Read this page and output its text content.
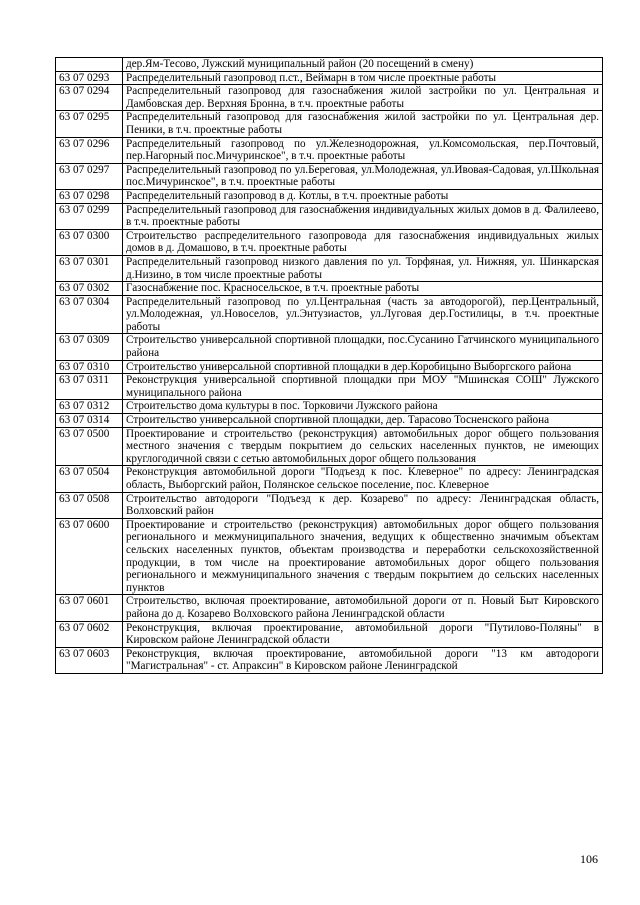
	дер.Ям-Тесово, Лужский муниципальный район (20 посещений в смену)
63 07 0293	Распределительный газопровод п.ст., Веймарн в том числе проектные работы
63 07 0294	Распределительный газопровод для газоснабжения жилой застройки по ул. Центральная и Дамбовская дер. Верхняя Бронна, в т.ч. проектные работы
63 07 0295	Распределительный газопровод для газоснабжения жилой застройки по ул. Центральная дер. Пеники, в т.ч. проектные работы
63 07 0296	Распределительный газопровод по ул.Железнодорожная, ул.Комсомольская, пер.Почтовый, пер.Нагорный пос.Мичуринское", в т.ч. проектные работы
63 07 0297	Распределительный газопровод по ул.Береговая, ул.Молодежная, ул.Ивовая-Садовая, ул.Школьная пос.Мичуринское", в т.ч. проектные работы
63 07 0298	Распределительный газопровод в д. Котлы, в т.ч. проектные работы
63 07 0299	Распределительный газопровод для газоснабжения индивидуальных жилых домов в д. Фалилеево, в т.ч. проектные работы
63 07 0300	Строительство распределительного газопровода для газоснабжения индивидуальных жилых домов в д. Домашово, в т.ч. проектные работы
63 07 0301	Распределительный газопровод низкого давления по ул. Торфяная, ул. Нижняя, ул. Шинкарская д.Низино, в том числе проектные работы
63 07 0302	Газоснабжение пос. Красносельское, в т.ч. проектные работы
63 07 0304	Распределительный газопровод по ул.Центральная (часть за автодорогой), пер.Центральный, ул.Молодежная, ул.Новоселов, ул.Энтузиастов, ул.Луговая дер.Гостилицы, в т.ч. проектные работы
63 07 0309	Строительство универсальной спортивной площадки, пос.Сусанино Гатчинского муниципального района
63 07 0310	Строительство универсальной спортивной площадки в дер.Коробицыно Выборгского района
63 07 0311	Реконструкция универсальной спортивной площадки при МОУ "Мшинская СОШ" Лужского муниципального района
63 07 0312	Строительство дома культуры в пос. Торковичи Лужского района
63 07 0314	Строительство универсальной спортивной площадки, дер. Тарасово Тосненского района
63 07 0500	Проектирование и строительство (реконструкция) автомобильных дорог общего пользования местного значения с твердым покрытием до сельских населенных пунктов, не имеющих круглогодичной связи с сетью автомобильных дорог общего пользования
63 07 0504	Реконструкция автомобильной дороги "Подъезд к пос. Клеверное" по адресу: Ленинградская область, Выборгский район, Полянское сельское поселение, пос. Клеверное
63 07 0508	Строительство автодороги "Подъезд к дер. Козарево" по адресу: Ленинградская область, Волховский район
63 07 0600	Проектирование и строительство (реконструкция) автомобильных дорог общего пользования регионального и межмуниципального значения, ведущих к общественно значимым объектам сельских населенных пунктов, объектам производства и переработки сельскохозяйственной продукции, в том числе на проектирование автомобильных дорог общего пользования регионального и межмуниципального значения с твердым покрытием до сельских населенных пунктов
63 07 0601	Строительство, включая проектирование, автомобильной дороги от п. Новый Быт Кировского района до д. Козарево Волховского района Ленинградской области
63 07 0602	Реконструкция, включая проектирование, автомобильной дороги "Путилово-Поляны" в Кировском районе Ленинградской области
63 07 0603	Реконструкция, включая проектирование, автомобильной дороги "13 км автодороги "Магистральная" - ст. Апраксин" в Кировском районе Ленинградской
106
